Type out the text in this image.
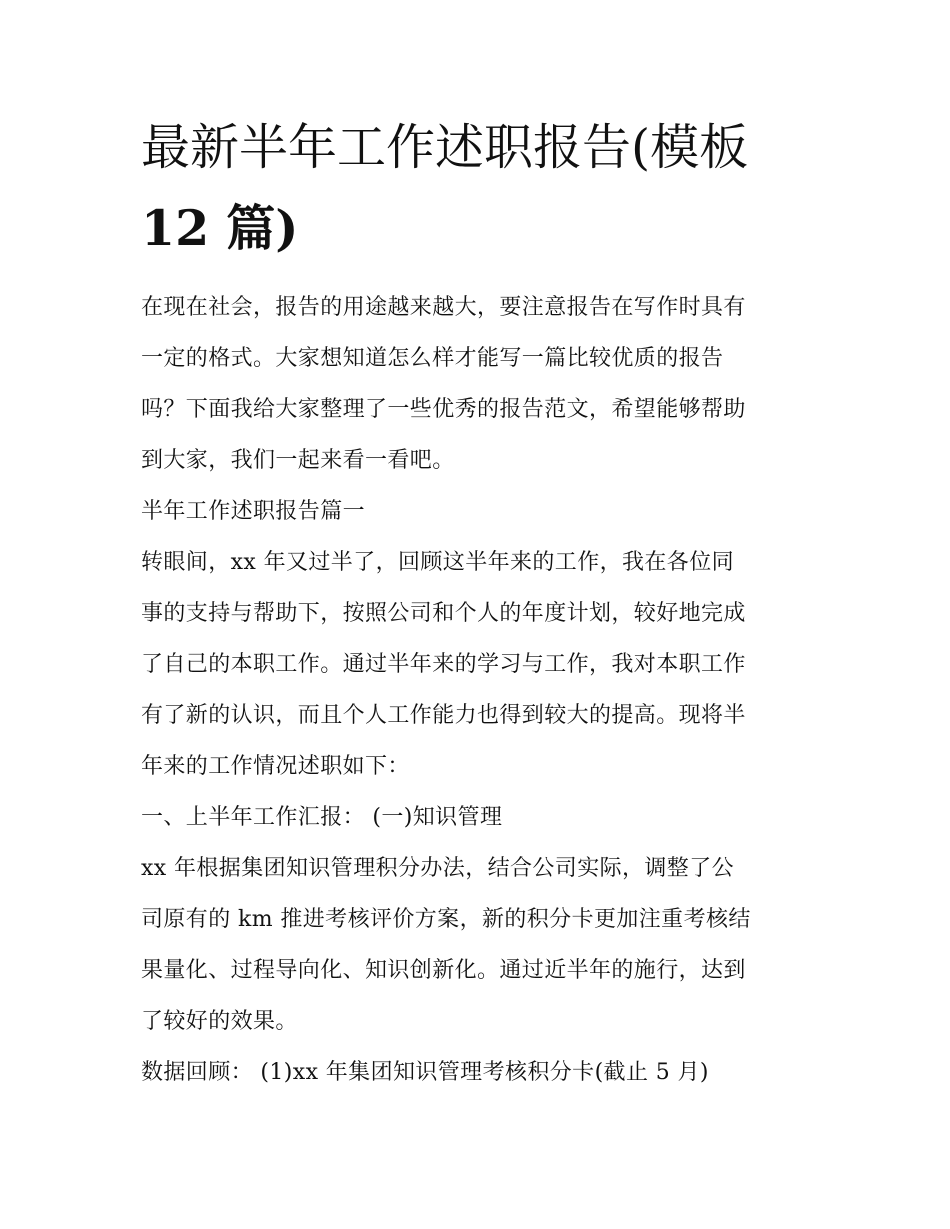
最新半年工作述职报告(模板
12 篇)

在现在社会，报告的用途越来越大，要注意报告在写作时具有
一定的格式。大家想知道怎么样才能写一篇比较优质的报告
吗？下面我给大家整理了一些优秀的报告范文，希望能够帮助
到大家，我们一起来看一看吧。

半年工作述职报告篇一

转眼间，xx 年又过半了，回顾这半年来的工作，我在各位同
事的支持与帮助下，按照公司和个人的年度计划，较好地完成
了自己的本职工作。通过半年来的学习与工作，我对本职工作
有了新的认识，而且个人工作能力也得到较大的提高。现将半
年来的工作情况述职如下：

一、上半年工作汇报： (一)知识管理

xx 年根据集团知识管理积分办法，结合公司实际，调整了公
司原有的 km 推进考核评价方案，新的积分卡更加注重考核结
果量化、过程导向化、知识创新化。通过近半年的施行，达到
了较好的效果。

数据回顾： (1)xx 年集团知识管理考核积分卡(截止 5 月)
